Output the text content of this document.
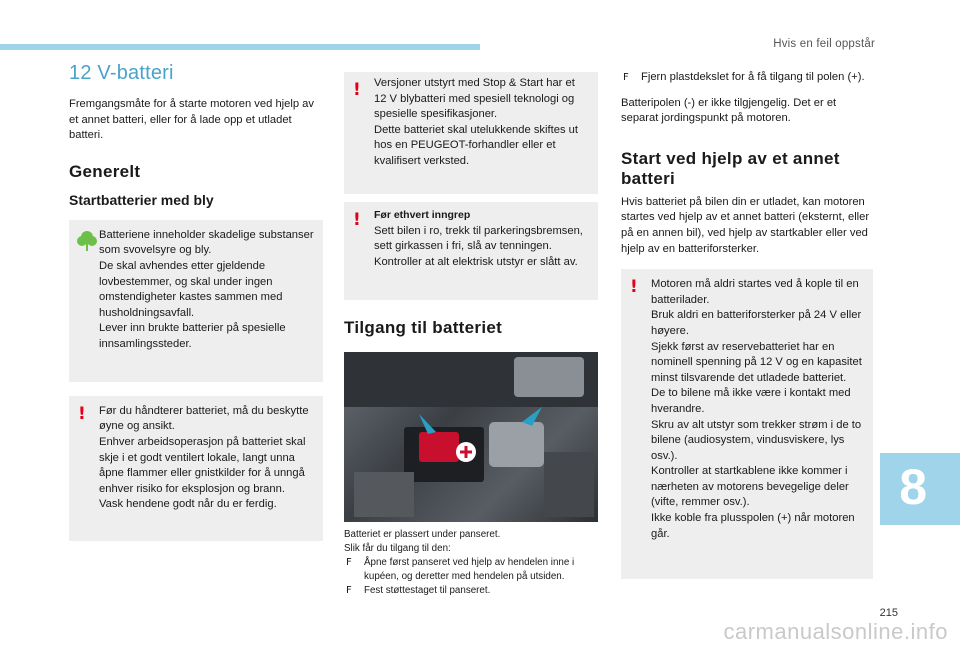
Hvis en feil oppstår
12 V-batteri

Fremgangsmåte for å starte motoren ved hjelp av et annet batteri, eller for å lade opp et utladet batteri.

Generelt
Startbatterier med bly
Batteriene inneholder skadelige substanser som svovelsyre og bly.
De skal avhendes etter gjeldende lovbestemmer, og skal under ingen omstendigheter kastes sammen med husholdningsavfall.
Lever inn brukte batterier på spesielle innsamlingssteder.
!	Før du håndterer batteriet, må du beskytte øyne og ansikt.
Enhver arbeidsoperasjon på batteriet skal skje i et godt ventilert lokale, langt unna åpne flammer eller gnistkilder for å unngå enhver risiko for eksplosjon og brann.
Vask hendene godt når du er ferdig.
!	Versjoner utstyrt med Stop & Start har et 12 V blybatteri med spesiell teknologi og spesielle spesifikasjoner.
Dette batteriet skal utelukkende skiftes ut hos en PEUGEOT-forhandler eller et kvalifisert verksted.
! Før ethvert inngrep
Sett bilen i ro, trekk til parkeringsbremsen, sett girkassen i fri, slå av tenningen.
Kontroller at alt elektrisk utstyr er slått av.
Tilgang til batteriet
Batteriet er plassert under panseret.
Slik får du tilgang til den:
F Åpne først panseret ved hjelp av hendelen inne i kupéen, og deretter med hendelen på utsiden.
F Fest støttestaget til panseret.
F Fjern plastdekslet for å få tilgang til polen (+).

Batteripolen (-) er ikke tilgjengelig. Det er et separat jordingspunkt på motoren.

Start ved hjelp av et annet batteri

Hvis batteriet på bilen din er utladet, kan motoren startes ved hjelp av et annet batteri (eksternt, eller på en annen bil), ved hjelp av startkabler eller ved hjelp av en batteriforsterker.

!	Motoren må aldri startes ved å kople til en batterilader.
Bruk aldri en batteriforsterker på 24 V eller høyere.
Sjekk først av reservebatteriet har en nominell spenning på 12 V og en kapasitet minst tilsvarende det utladede batteriet.
De to bilene må ikke være i kontakt med hverandre.
Skru av alt utstyr som trekker strøm i de to bilene (audiosystem, vindusviskere, lys osv.).
Kontroller at startkablene ikke kommer i nærheten av motorens bevegelige deler (vifte, remmer osv.).
Ikke koble fra plusspolen (+) når motoren går.
8
215
carmanualsonline.info
